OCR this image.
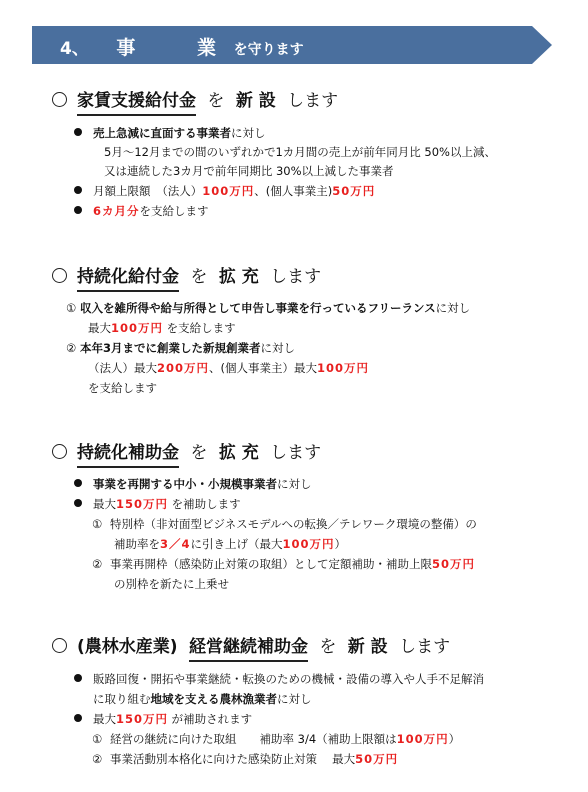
4、 事	業 を守ります
家賃支援給付金 を 新 設 します
売上急減に直面する事業者に対し
5月～12月までの間のいずれかで1カ月間の売上が前年同月比 50%以上減、
又は連続した3カ月で前年同期比 30%以上減した事業者
月額上限額　（法人）100万円、(個人事業主)50万円
6カ月分を支給します
持続化給付金 を 拡 充 します
① 収入を雑所得や給与所得として申告し事業を行っているフリーランスに対し
最大100万円 を支給します
② 本年3月までに創業した新規創業者に対し
（法人）最大200万円、(個人事業主）最大100万円
を支給します
持続化補助金 を 拡 充 します
事業を再開する中小・小規模事業者に対し
最大150万円 を補助します
① 特別枠（非対面型ビジネスモデルへの転換／テレワーク環境の整備）の
補助率を3／4に引き上げ（最大100万円）
② 事業再開枠（感染防止対策の取組）として定額補助・補助上限50万円
の別枠を新たに上乗せ
(農林水産業) 経営継続補助金 を 新 設 します
販路回復・開拓や事業継続・転換のための機械・設備の導入や人手不足解消
に取り組む地域を支える農林漁業者に対し
最大150万円 が補助されます
① 経営の継続に向けた取組　　補助率 3/4（補助上限額は100万円）
② 事業活動別本格化に向けた感染防止対策　 最大50万円
